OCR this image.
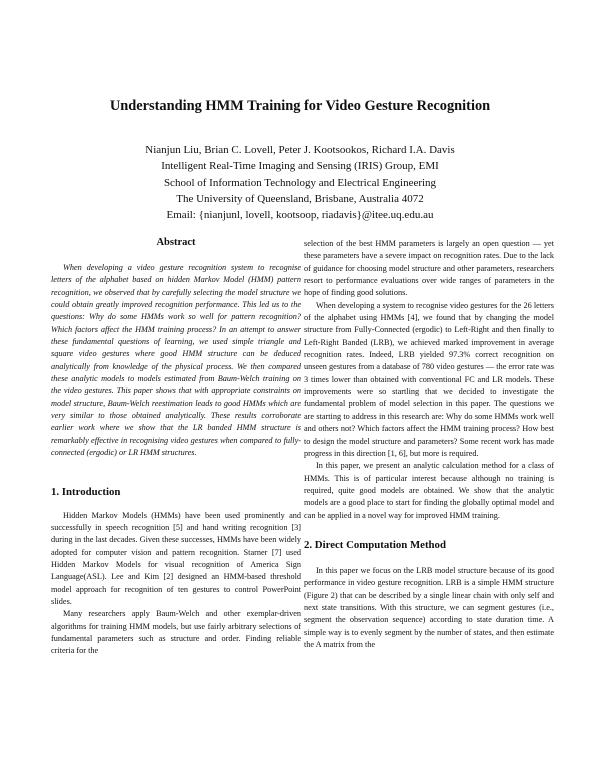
Understanding HMM Training for Video Gesture Recognition
Nianjun Liu, Brian C. Lovell, Peter J. Kootsookos, Richard I.A. Davis
Intelligent Real-Time Imaging and Sensing (IRIS) Group, EMI
School of Information Technology and Electrical Engineering
The University of Queensland, Brisbane, Australia 4072
Email: {nianjunl, lovell, kootsoop, riadavis}@itee.uq.edu.au
Abstract

When developing a video gesture recognition system to recognise letters of the alphabet based on hidden Markov Model (HMM) pattern recognition, we observed that by carefully selecting the model structure we could obtain greatly improved recognition performance. This led us to the questions: Why do some HMMs work so well for pattern recognition? Which factors affect the HMM training process? In an attempt to answer these fundamental questions of learning, we used simple triangle and square video gestures where good HMM structure can be deduced analytically from knowledge of the physical process. We then compared these analytic models to models estimated from Baum-Welch training on the video gestures. This paper shows that with appropriate constraints on model structure, Baum-Welch reestimation leads to good HMMs which are very similar to those obtained analytically. These results corroborate earlier work where we show that the LR banded HMM structure is remarkably effective in recognising video gestures when compared to fully-connected (ergodic) or LR HMM structures.

1. Introduction

Hidden Markov Models (HMMs) have been used prominently and successfully in speech recognition [5] and hand writing recognition [3] during in the last decades. Given these successes, HMMs have been widely adopted for computer vision and pattern recognition. Starner [7] used Hidden Markov Models for visual recognition of America Sign Language(ASL). Lee and Kim [2] designed an HMM-based threshold model approach for recognition of ten gestures to control PowerPoint slides.

Many researchers apply Baum-Welch and other exemplar-driven algorithms for training HMM models, but use fairly arbitrary selections of fundamental parameters such as structure and order. Finding reliable criteria for the

selection of the best HMM parameters is largely an open question — yet these parameters have a severe impact on recognition rates. Due to the lack of guidance for choosing model structure and other parameters, researchers resort to performance evaluations over wide ranges of parameters in the hope of finding good solutions.

When developing a system to recognise video gestures for the 26 letters of the alphabet using HMMs [4], we found that by changing the model structure from Fully-Connected (ergodic) to Left-Right and then finally to Left-Right Banded (LRB), we achieved marked improvement in average recognition rates. Indeed, LRB yielded 97.3% correct recognition on unseen gestures from a database of 780 video gestures — the error rate was 3 times lower than obtained with conventional FC and LR models. These improvements were so startling that we decided to investigate the fundamental problem of model selection in this paper. The questions we are starting to address in this research are: Why do some HMMs work well and others not? Which factors affect the HMM training process? How best to design the model structure and parameters? Some recent work has made progress in this direction [1, 6], but more is required.

In this paper, we present an analytic calculation method for a class of HMMs. This is of particular interest because although no training is required, quite good models are obtained. We show that the analytic models are a good place to start for finding the globally optimal model and can be applied in a novel way for improved HMM training.

2. Direct Computation Method

In this paper we focus on the LRB model structure because of its good performance in video gesture recognition. LRB is a simple HMM structure (Figure 2) that can be described by a single linear chain with only self and next state transitions. With this structure, we can segment gestures (i.e., segment the observation sequence) according to state duration time. A simple way is to evenly segment by the number of states, and then estimate the A matrix from the
